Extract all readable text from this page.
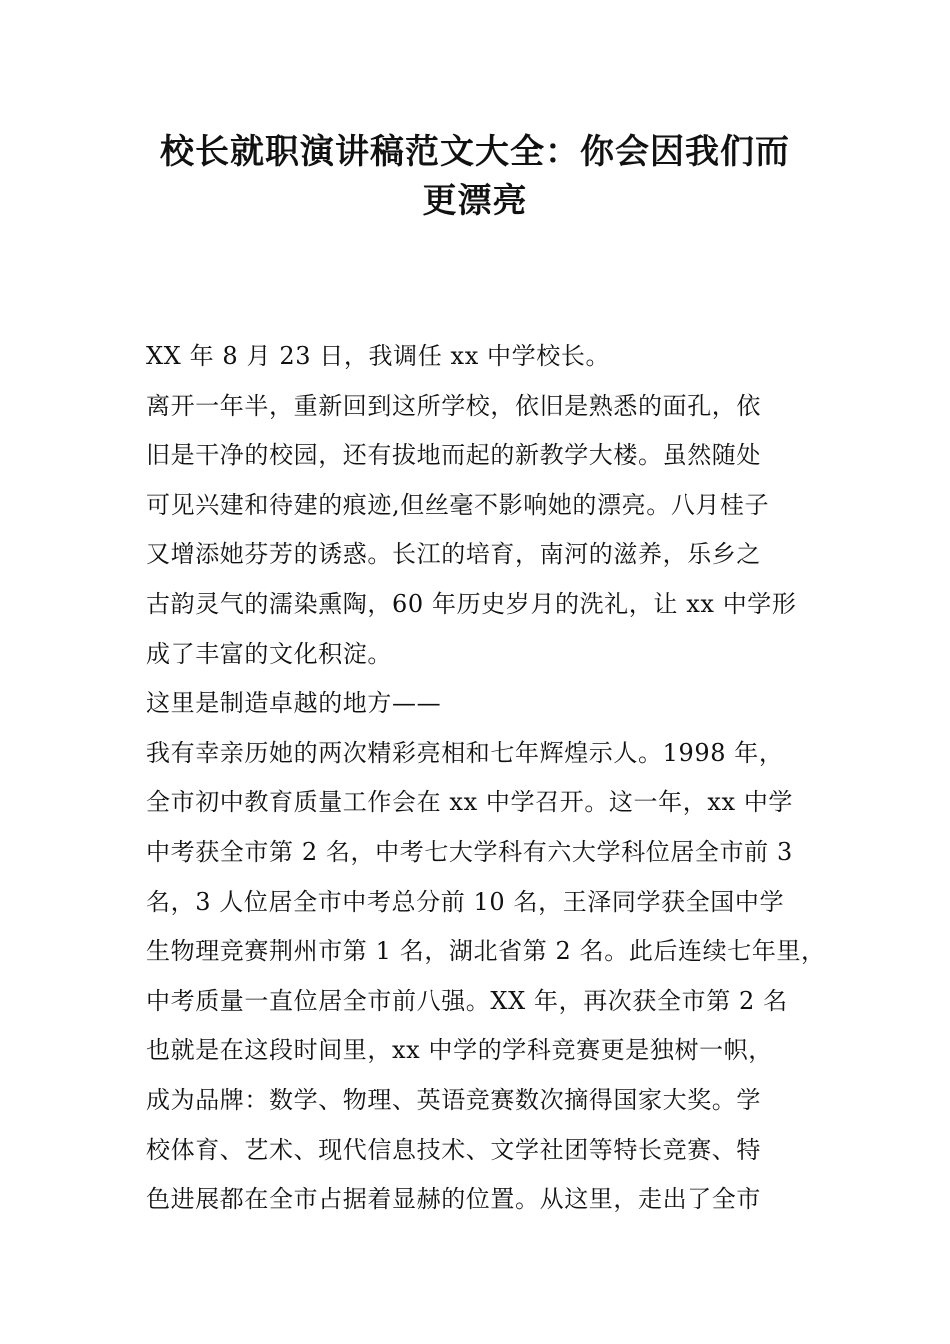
校长就职演讲稿范文大全：你会因我们而
更漂亮
XX 年 8 月 23 日，我调任 xx 中学校长。
离开一年半，重新回到这所学校，依旧是熟悉的面孔，依
旧是干净的校园，还有拔地而起的新教学大楼。虽然随处
可见兴建和待建的痕迹,但丝毫不影响她的漂亮。八月桂子
又增添她芬芳的诱惑。长江的培育，南河的滋养，乐乡之
古韵灵气的濡染熏陶，60 年历史岁月的洗礼，让 xx 中学形
成了丰富的文化积淀。
这里是制造卓越的地方——
我有幸亲历她的两次精彩亮相和七年辉煌示人。1998 年，
全市初中教育质量工作会在 xx 中学召开。这一年，xx 中学
中考获全市第 2 名，中考七大学科有六大学科位居全市前 3
名，3 人位居全市中考总分前 10 名，王泽同学获全国中学
生物理竞赛荆州市第 1 名，湖北省第 2 名。此后连续七年里，
中考质量一直位居全市前八强。XX 年，再次获全市第 2 名
也就是在这段时间里，xx 中学的学科竞赛更是独树一帜，
成为品牌：数学、物理、英语竞赛数次摘得国家大奖。学
校体育、艺术、现代信息技术、文学社团等特长竞赛、特
色进展都在全市占据着显赫的位置。从这里，走出了全市
